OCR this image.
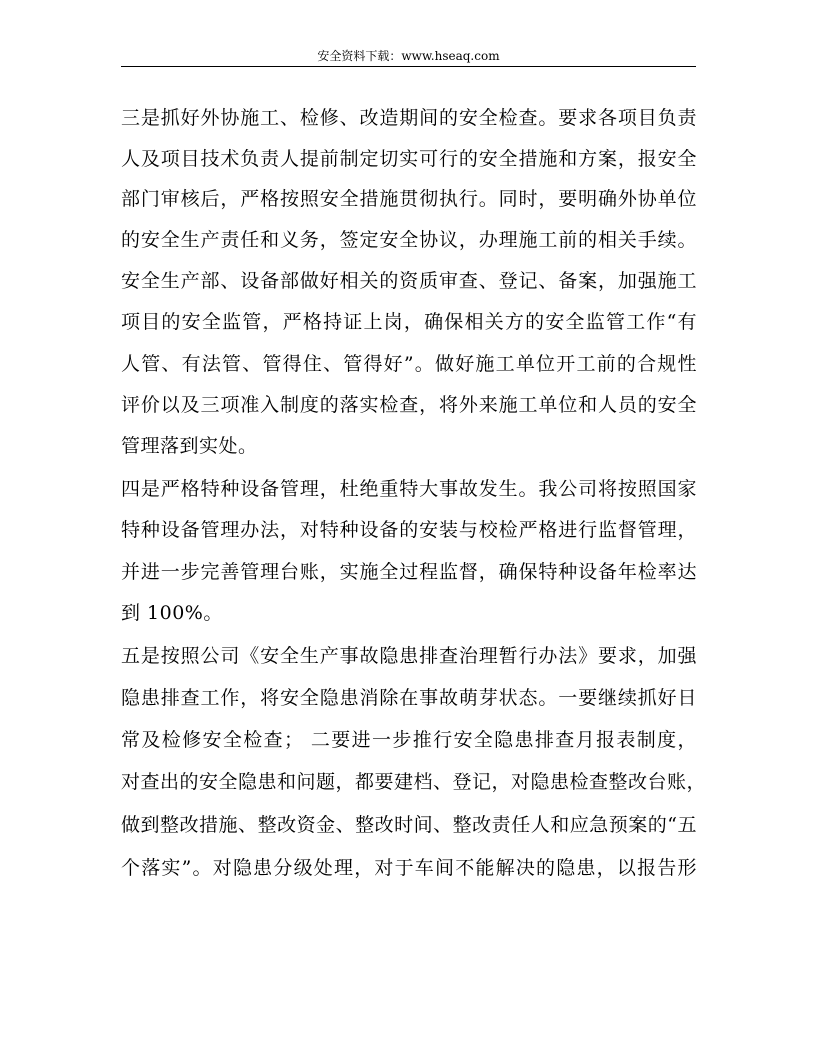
安全资料下载：www.hseaq.com
三是抓好外协施工、检修、改造期间的安全检查。要求各项目负责
人及项目技术负责人提前制定切实可行的安全措施和方案，报安全
部门审核后，严格按照安全措施贯彻执行。同时，要明确外协单位
的安全生产责任和义务，签定安全协议，办理施工前的相关手续。
安全生产部、设备部做好相关的资质审查、登记、备案，加强施工
项目的安全监管，严格持证上岗，确保相关方的安全监管工作“有
人管、有法管、管得住、管得好”。做好施工单位开工前的合规性
评价以及三项准入制度的落实检查，将外来施工单位和人员的安全
管理落到实处。
四是严格特种设备管理，杜绝重特大事故发生。我公司将按照国家
特种设备管理办法，对特种设备的安装与校检严格进行监督管理，
并进一步完善管理台账，实施全过程监督，确保特种设备年检率达
到 100%。
五是按照公司《安全生产事故隐患排查治理暂行办法》要求，加强
隐患排查工作，将安全隐患消除在事故萌芽状态。一要继续抓好日
常及检修安全检查； 二要进一步推行安全隐患排查月报表制度，
对查出的安全隐患和问题，都要建档、登记，对隐患检查整改台账，
做到整改措施、整改资金、整改时间、整改责任人和应急预案的“五
个落实”。对隐患分级处理，对于车间不能解决的隐患，以报告形
